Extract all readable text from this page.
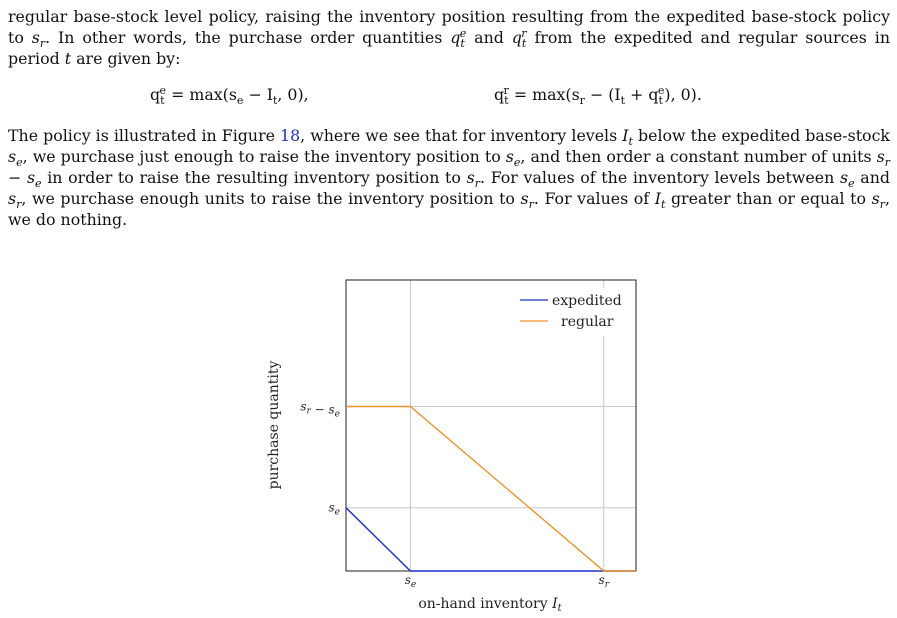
regular base-stock level policy, raising the inventory position resulting from the expedited base-stock policy to $s_r$. In other words, the purchase order quantities $q_t^e$ and $q_t^r$ from the expedited and regular sources in period t are given by:

$q_t^e = \max(s_e - I_t$, 0),	$q_t^r = \max(s_r - (I_t + q_t^e)$, 0).

The policy is illustrated in Figure 18, where we see that for inventory levels $I_t$ below the expedited base-stock $s_e$, we purchase just enough to raise the inventory position to $s_e$, and then order a constant number of units $s_r - s_e$ in order to raise the resulting inventory position to $s_r$. For values of the inventory levels between $s_e$ and $s_r$, we purchase enough units to raise the inventory position to $s_r$. For values of $I_t$ greater than or equal to $s_r$, we do nothing.

$s_e$	$s_r$
$s_e$
$s_r - s_e$
expedited
regular
on-hand inventory $I_t$
purchase quantity
